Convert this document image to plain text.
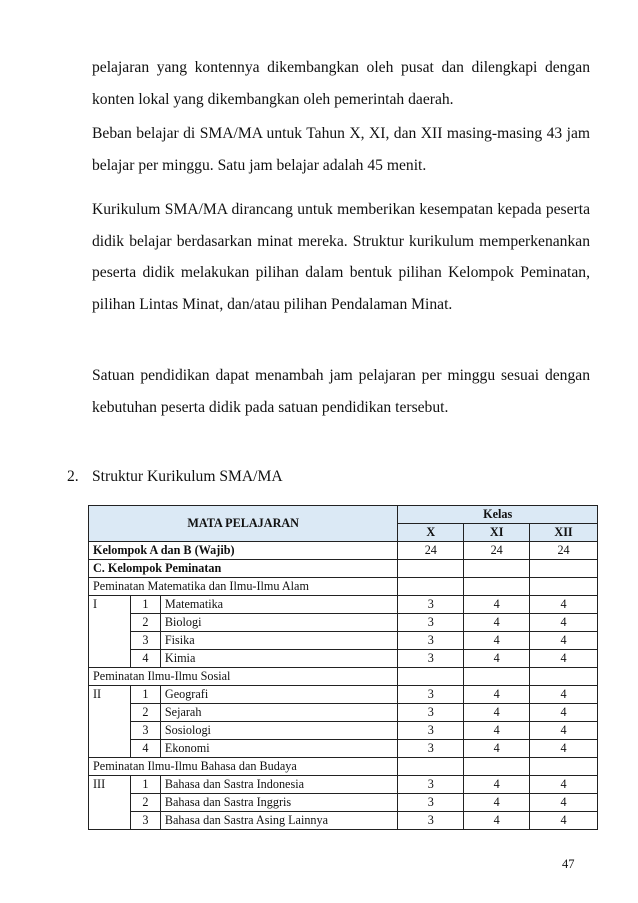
pelajaran yang kontennya dikembangkan oleh pusat dan dilengkapi dengan konten lokal yang dikembangkan oleh pemerintah daerah.

Beban belajar di SMA/MA untuk Tahun X, XI, dan XII masing-masing 43 jam belajar per minggu. Satu jam belajar adalah 45 menit.

Kurikulum SMA/MA dirancang untuk memberikan kesempatan kepada peserta didik belajar berdasarkan minat mereka. Struktur kurikulum memperkenankan peserta didik melakukan pilihan dalam bentuk pilihan Kelompok Peminatan, pilihan Lintas Minat, dan/atau pilihan Pendalaman Minat.

Satuan pendidikan dapat menambah jam pelajaran per minggu sesuai dengan kebutuhan peserta didik pada satuan pendidikan tersebut.

2. Struktur Kurikulum SMA/MA

MATA PELAJARAN			Kelas		
			X	XI	XII
Kelompok A dan B (Wajib)			24	24	24
C. Kelompok Peminatan					
Peminatan Matematika dan Ilmu-Ilmu Alam					
I	1	Matematika	3	4	4
	2	Biologi	3	4	4
	3	Fisika	3	4	4
	4	Kimia	3	4	4
Peminatan Ilmu-Ilmu Sosial					
II	1	Geografi	3	4	4
	2	Sejarah	3	4	4
	3	Sosiologi	3	4	4
	4	Ekonomi	3	4	4
Peminatan Ilmu-Ilmu Bahasa dan Budaya					
III	1	Bahasa dan Sastra Indonesia	3	4	4
	2	Bahasa dan Sastra Inggris	3	4	4
	3	Bahasa dan Sastra Asing Lainnya	3	4	4
47
